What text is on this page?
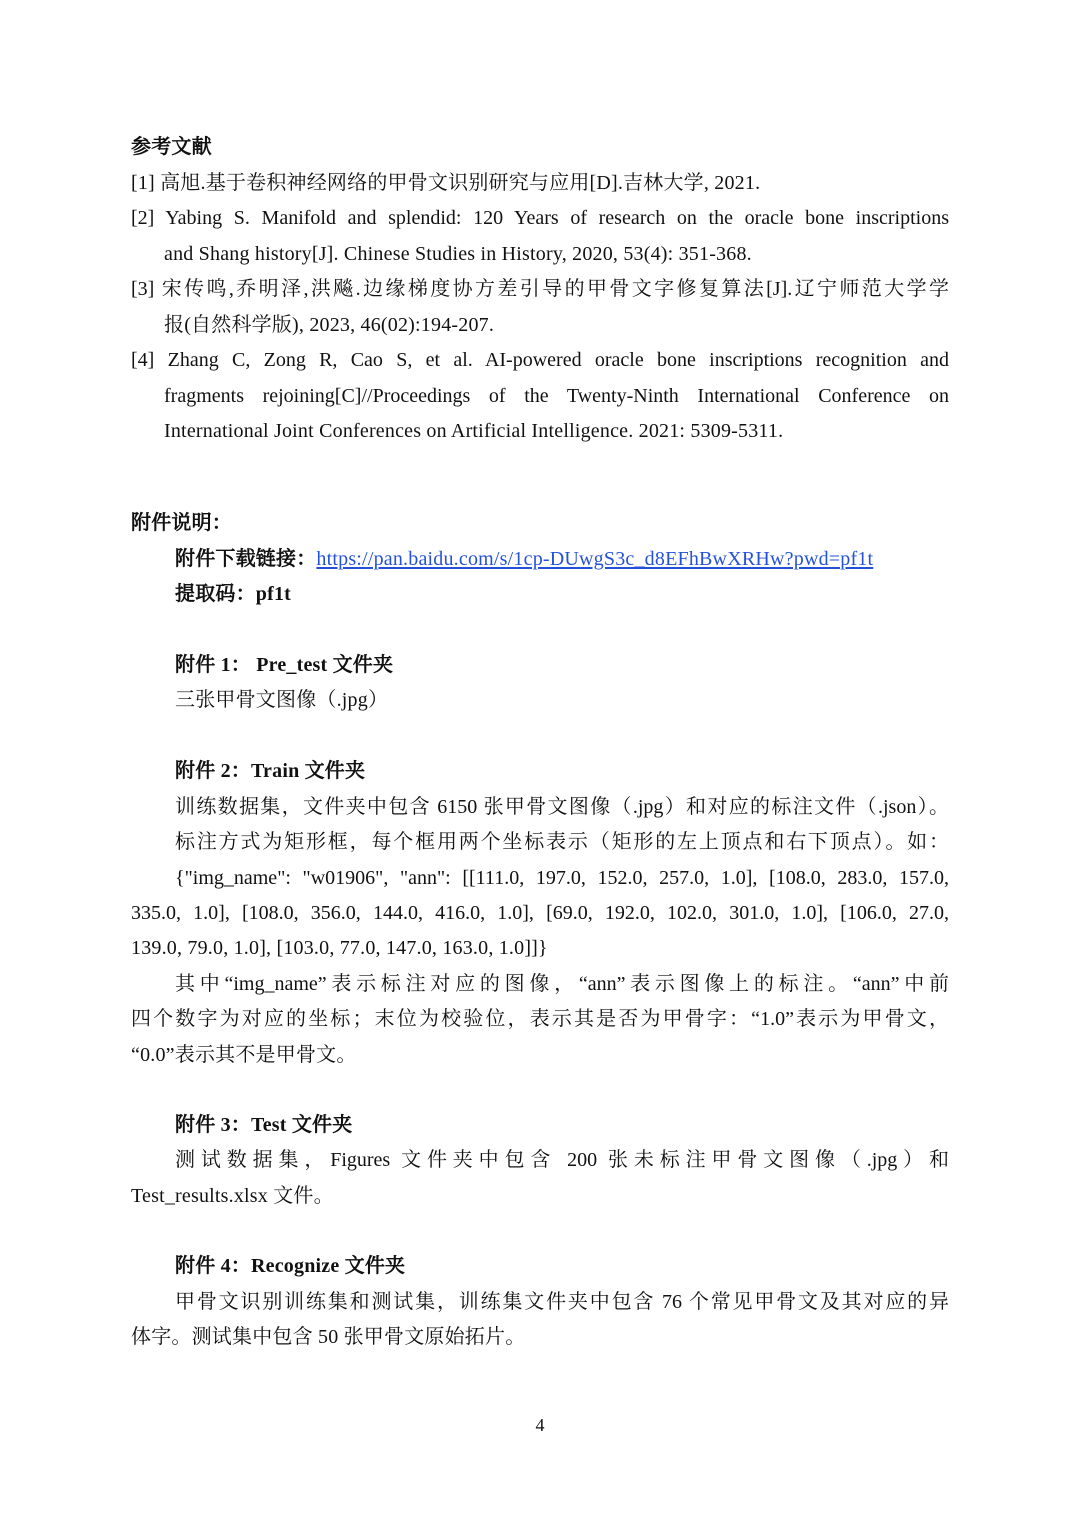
参考文献
[1] 高旭.基于卷积神经网络的甲骨文识别研究与应用[D].吉林大学, 2021.
[2] Yabing S. Manifold and splendid: 120 Years of research on the oracle bone inscriptions
and Shang history[J]. Chinese Studies in History, 2020, 53(4): 351-368.
[3] 宋传鸣,乔明泽,洪飚.边缘梯度协方差引导的甲骨文字修复算法[J].辽宁师范大学学
报(自然科学版), 2023, 46(02):194-207.
[4] Zhang C, Zong R, Cao S, et al. AI-powered oracle bone inscriptions recognition and
fragments rejoining[C]//Proceedings of the Twenty-Ninth International Conference on
International Joint Conferences on Artificial Intelligence. 2021: 5309-5311.
附件说明：
附件下载链接：https://pan.baidu.com/s/1cp-DUwgS3c_d8EFhBwXRHw?pwd=pf1t
提取码：pf1t
附件 1： Pre_test 文件夹
三张甲骨文图像（.jpg）
附件 2：Train 文件夹
训练数据集，文件夹中包含 6150 张甲骨文图像（.jpg）和对应的标注文件（.json）。
标注方式为矩形框，每个框用两个坐标表示（矩形的左上顶点和右下顶点）。如：
{"img_name": "w01906", "ann": [[111.0, 197.0, 152.0, 257.0, 1.0], [108.0, 283.0, 157.0,
335.0, 1.0], [108.0, 356.0, 144.0, 416.0, 1.0], [69.0, 192.0, 102.0, 301.0, 1.0], [106.0, 27.0,
139.0, 79.0, 1.0], [103.0, 77.0, 147.0, 163.0, 1.0]]}
其中“img_name”表示标注对应的图像，“ann”表示图像上的标注。“ann”中前
四个数字为对应的坐标；末位为校验位，表示其是否为甲骨字：“1.0”表示为甲骨文，
“0.0”表示其不是甲骨文。
附件 3：Test 文件夹
测试数据集，Figures 文件夹中包含 200 张未标注甲骨文图像（.jpg）和
Test_results.xlsx 文件。
附件 4：Recognize 文件夹
甲骨文识别训练集和测试集，训练集文件夹中包含 76 个常见甲骨文及其对应的异
体字。测试集中包含 50 张甲骨文原始拓片。
4
